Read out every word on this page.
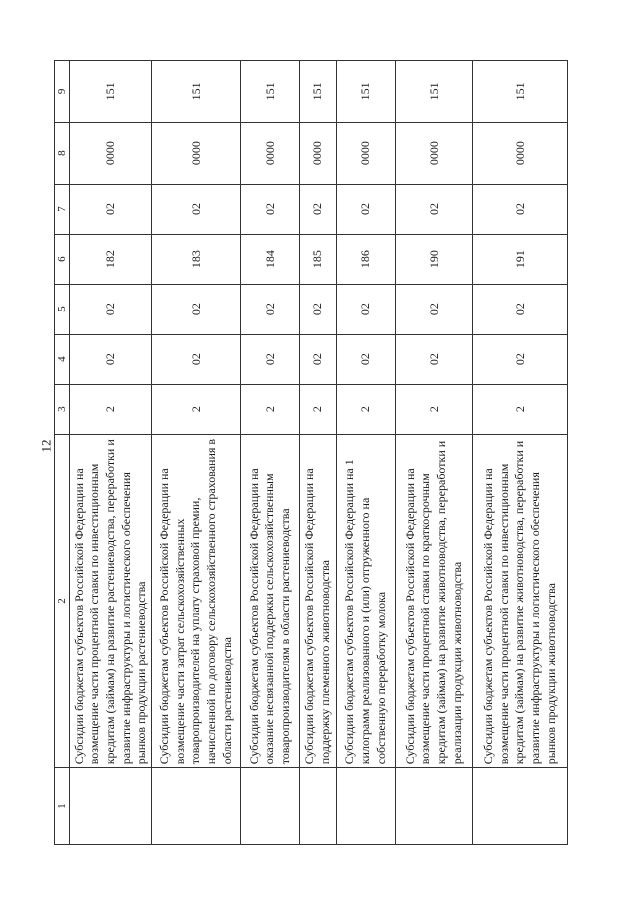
12
1	2	3	4	5	6	7	8	9
	Субсидии бюджетам субъектов Российской Федерации на возмещение части процентной ставки по инвестиционным кредитам (займам) на развитие растениеводства, переработки и развитие инфраструктуры и логистического обеспечения рынков продукции растениеводства	2	02	02	182	02	0000	151
	Субсидии бюджетам субъектов Российской Федерации на возмещение части затрат сельскохозяйственных товаропроизводителей на уплату страховой премии, начисленной по договору сельскохозяйственного страхования в области растениеводства	2	02	02	183	02	0000	151
	Субсидии бюджетам субъектов Российской Федерации на оказание несвязанной поддержки сельскохозяйственным товаропроизводителям в области растениеводства	2	02	02	184	02	0000	151
	Субсидии бюджетам субъектов Российской Федерации на поддержку племенного животноводства	2	02	02	185	02	0000	151
	Субсидии бюджетам субъектов Российской Федерации на 1 килограмм реализованного и (или) отгруженного на собственную переработку молока	2	02	02	186	02	0000	151
	Субсидии бюджетам субъектов Российской Федерации на возмещение части процентной ставки по краткосрочным кредитам (займам) на развитие животноводства, переработки и реализации продукции животноводства	2	02	02	190	02	0000	151
	Субсидии бюджетам субъектов Российской Федерации на возмещение части процентной ставки по инвестиционным кредитам (займам) на развитие животноводства, переработки и развитие инфраструктуры и логистического обеспечения рынков продукции животноводства	2	02	02	191	02	0000	151
